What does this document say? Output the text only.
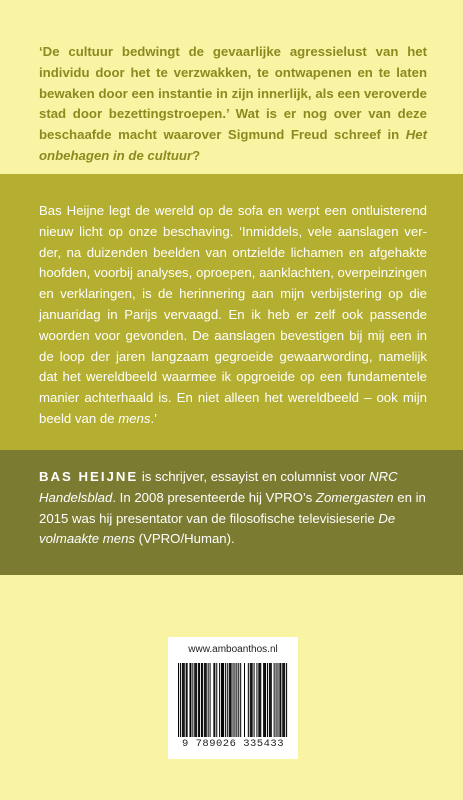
‘De cultuur bedwingt de gevaarlijke agressielust van het individu door het te verzwakken, te ontwapenen en te laten bewaken door een instantie in zijn innerlijk, als een veroverde stad door bezettingstroepen.’ Wat is er nog over van deze beschaafde macht waarover Sigmund Freud schreef in Het onbehagen in de cultuur?

Bas Heijne legt de wereld op de sofa en werpt een ontluisterend nieuw licht op onze beschaving. ‘Inmiddels, vele aanslagen verder, na duizenden beelden van ontzielde lichamen en afgehakte hoofden, voorbij analyses, oproepen, aanklachten, overpeinzingen en verklaringen, is de herinnering aan mijn verbijstering op die januaridag in Parijs vervaagd. En ik heb er zelf ook passende woorden voor gevonden. De aanslagen bevestigen bij mij een in de loop der jaren langzaam gegroeide gewaarwording, namelijk dat het wereldbeeld waarmee ik opgroeide op een fundamentele manier achterhaald is. En niet alleen het wereldbeeld – ook mijn beeld van de mens.’

BAS HEIJNE is schrijver, essayist en columnist voor NRC Handelsblad. In 2008 presenteerde hij VPRO’s Zomergasten en in 2015 was hij presentator van de filosofische televisieserie De volmaakte mens (VPRO/Human).

www.amboanthos.nl
9 789026 335433
